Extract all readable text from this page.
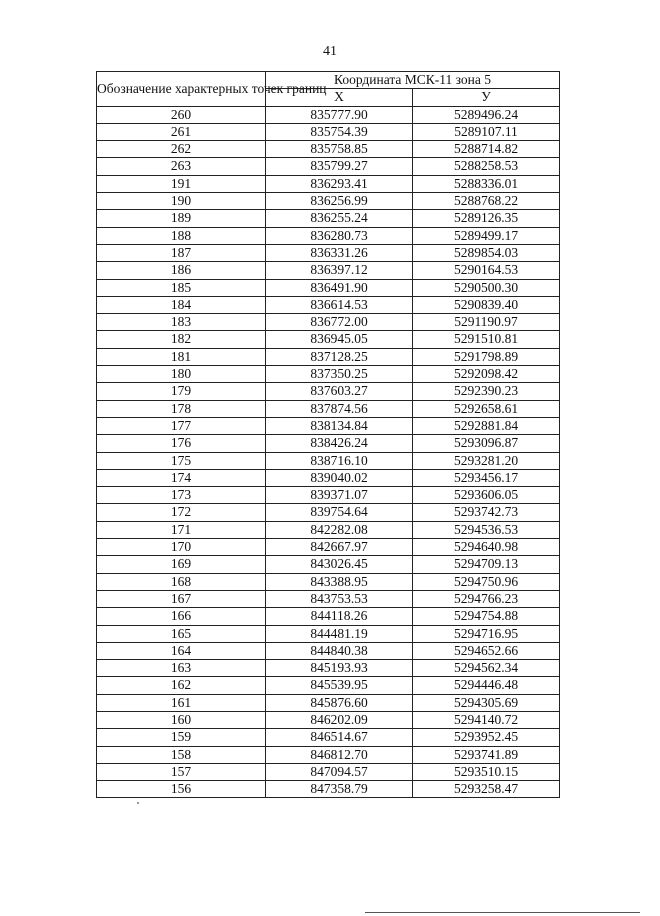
41
Обозначение характерных точек границ	Координата МСК-11 зона 5	
	X	У
260	835777.90	5289496.24
261	835754.39	5289107.11
262	835758.85	5288714.82
263	835799.27	5288258.53
191	836293.41	5288336.01
190	836256.99	5288768.22
189	836255.24	5289126.35
188	836280.73	5289499.17
187	836331.26	5289854.03
186	836397.12	5290164.53
185	836491.90	5290500.30
184	836614.53	5290839.40
183	836772.00	5291190.97
182	836945.05	5291510.81
181	837128.25	5291798.89
180	837350.25	5292098.42
179	837603.27	5292390.23
178	837874.56	5292658.61
177	838134.84	5292881.84
176	838426.24	5293096.87
175	838716.10	5293281.20
174	839040.02	5293456.17
173	839371.07	5293606.05
172	839754.64	5293742.73
171	842282.08	5294536.53
170	842667.97	5294640.98
169	843026.45	5294709.13
168	843388.95	5294750.96
167	843753.53	5294766.23
166	844118.26	5294754.88
165	844481.19	5294716.95
164	844840.38	5294652.66
163	845193.93	5294562.34
162	845539.95	5294446.48
161	845876.60	5294305.69
160	846202.09	5294140.72
159	846514.67	5293952.45
158	846812.70	5293741.89
157	847094.57	5293510.15
156	847358.79	5293258.47
